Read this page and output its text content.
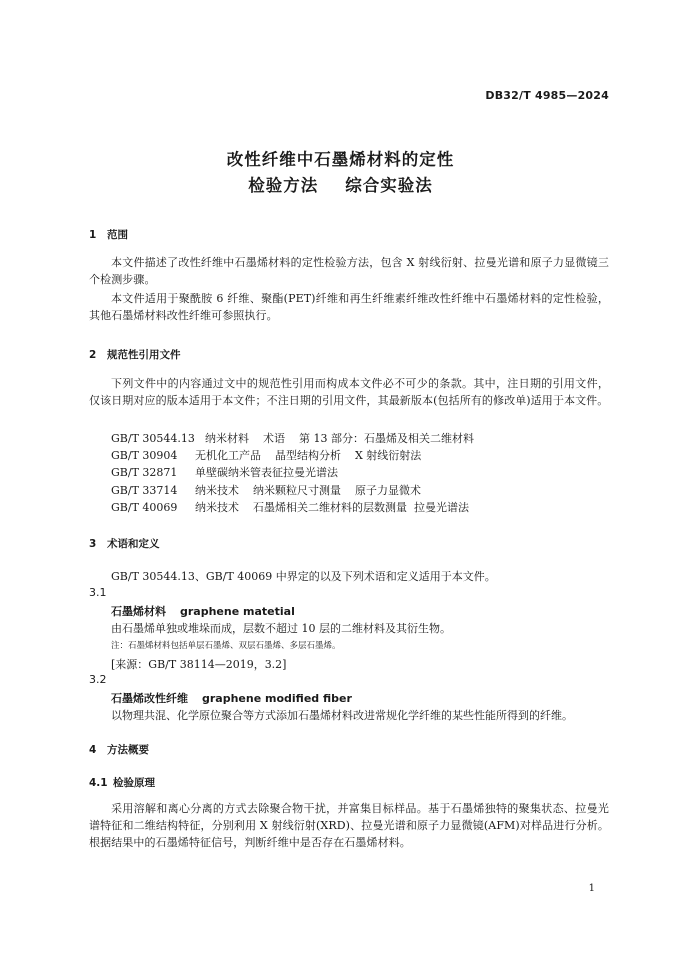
DB32/T 4985—2024
改性纤维中石墨烯材料的定性
检验方法    综合实验法
1 范围
本文件描述了改性纤维中石墨烯材料的定性检验方法，包含 X 射线衍射、拉曼光谱和原子力显微镜三个检测步骤。
本文件适用于聚酰胺 6 纤维、聚酯(PET)纤维和再生纤维素纤维改性纤维中石墨烯材料的定性检验，其他石墨烯材料改性纤维可参照执行。
2 规范性引用文件
下列文件中的内容通过文中的规范性引用而构成本文件必不可少的条款。其中，注日期的引用文件，仅该日期对应的版本适用于本文件；不注日期的引用文件，其最新版本(包括所有的修改单)适用于本文件。
GB/T 30544.13 纳米材料    术语    第 13 部分：石墨烯及相关二维材料
GB/T 30904 无机化工产品    晶型结构分析    X 射线衍射法
GB/T 32871 单壁碳纳米管表征拉曼光谱法
GB/T 33714 纳米技术    纳米颗粒尺寸测量    原子力显微术
GB/T 40069 纳米技术    石墨烯相关二维材料的层数测量  拉曼光谱法
3 术语和定义
GB/T 30544.13、GB/T 40069 中界定的以及下列术语和定义适用于本文件。
3.1
石墨烯材料 graphene matetial
由石墨烯单独或堆垛而成，层数不超过 10 层的二维材料及其衍生物。
注：石墨烯材料包括单层石墨烯、双层石墨烯、多层石墨烯。
[来源：GB/T 38114—2019，3.2]
3.2
石墨烯改性纤维 graphene modified fiber
以物理共混、化学原位聚合等方式添加石墨烯材料改进常规化学纤维的某些性能所得到的纤维。
4 方法概要
4.1 检验原理
采用溶解和离心分离的方式去除聚合物干扰，并富集目标样品。基于石墨烯独特的聚集状态、拉曼光谱特征和二维结构特征，分别利用 X 射线衍射(XRD)、拉曼光谱和原子力显微镜(AFM)对样品进行分析。根据结果中的石墨烯特征信号，判断纤维中是否存在石墨烯材料。
1
